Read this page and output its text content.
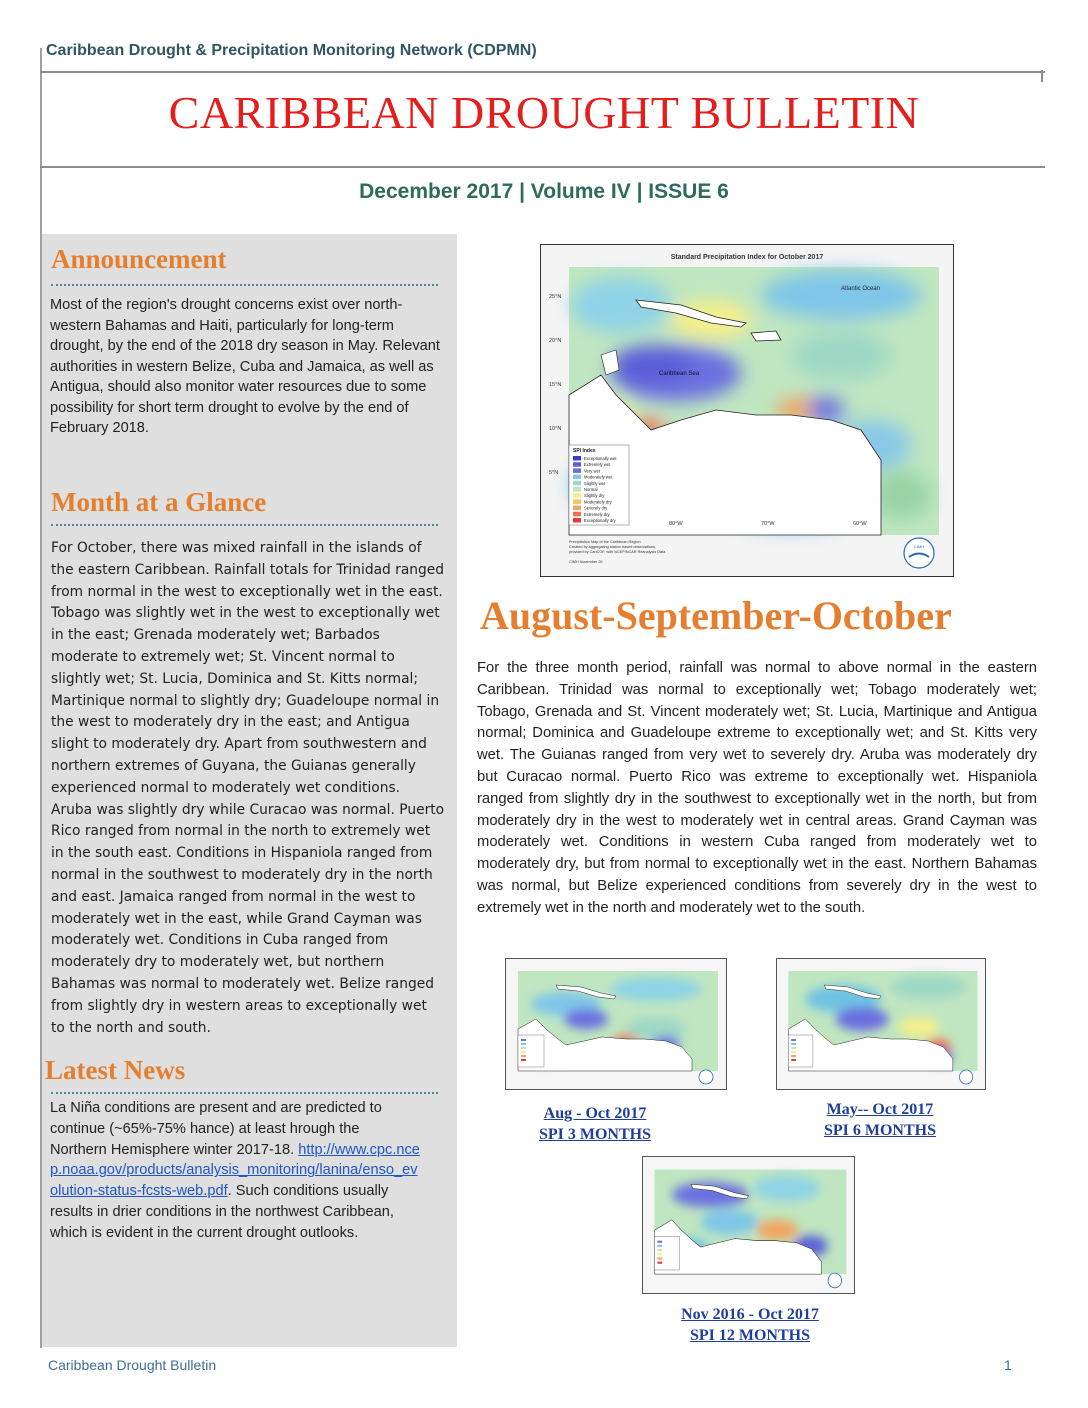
Caribbean Drought & Precipitation Monitoring Network (CDPMN)
CARIBBEAN DROUGHT BULLETIN
December 2017 | Volume IV | ISSUE 6
Announcement
Most of the region's drought concerns exist over north-western Bahamas and Haiti, particularly for long-term drought, by the end of the 2018 dry season in May. Relevant authorities in western Belize, Cuba and Jamaica, as well as Antigua, should also monitor water resources due to some possibility for short term drought to evolve by the end of February 2018.
Month at a Glance
For October, there was mixed rainfall in the islands of the eastern Caribbean. Rainfall totals for Trinidad ranged from normal in the west to exceptionally wet in the east. Tobago was slightly wet in the west to exceptionally wet in the east; Grenada moderately wet; Barbados moderate to extremely wet; St. Vincent normal to slightly wet; St. Lucia, Dominica and St. Kitts normal; Martinique normal to slightly dry; Guadeloupe normal in the west to moderately dry in the east; and Antigua slight to moderately dry. Apart from southwestern and northern extremes of Guyana, the Guianas generally experienced normal to moderately wet conditions. Aruba was slightly dry while Curacao was normal. Puerto Rico ranged from normal in the north to extremely wet in the south east. Conditions in Hispaniola ranged from normal in the southwest to moderately dry in the north and east. Jamaica ranged from normal in the west to moderately wet in the east, while Grand Cayman was moderately wet. Conditions in Cuba ranged from moderately dry to moderately wet, but northern Bahamas was normal to moderately wet. Belize ranged from slightly dry in western areas to exceptionally wet to the north and south.
Latest News
La Niña conditions are present and are predicted to continue (~65%-75% hance) at least hrough the Northern Hemisphere winter 2017-18. http://www.cpc.ncep.noaa.gov/products/analysis_monitoring/lanina/enso_evolution-status-fcsts-web.pdf. Such conditions usually results in drier conditions in the northwest Caribbean, which is evident in the current drought outlooks.
Standard Precipitation Index for October 2017
Atlantic Ocean
Caribbean Sea
25°N
20°N
15°N
10°N
5°N
80°W	70°W	60°W
SPI Index
Exceptionally wet
Extremely wet
Very wet
Moderately wet
Slightly wet
Normal
Slightly dry
Moderately dry
Severely dry
Extremely dry
Exceptionally dry
Precipitation Map of the Caribbean Region
Created by aggregating station based observations,
provided by CariCOF, with NCEP/NCAR Reanalysis Data.
CIMH November 20
CIMH
August-September-October
For the three month period, rainfall was normal to above normal in the eastern Caribbean. Trinidad was normal to exceptionally wet; Tobago moderately wet; Tobago, Grenada and St. Vincent moderately wet; St. Lucia, Martinique and Antigua normal; Dominica and Guadeloupe extreme to exceptionally wet; and St. Kitts very wet. The Guianas ranged from very wet to severely dry. Aruba was moderately dry but Curacao normal. Puerto Rico was extreme to exceptionally wet. Hispaniola ranged from slightly dry in the southwest to exceptionally wet in the north, but from moderately dry in the west to moderately wet in central areas. Grand Cayman was moderately wet. Conditions in western Cuba ranged from moderately wet to moderately dry, but from normal to exceptionally wet in the east. Northern Bahamas was normal, but Belize experienced conditions from severely dry in the west to extremely wet in the north and moderately wet to the south.
Aug - Oct 2017
SPI 3 MONTHS
May-- Oct 2017
SPI 6 MONTHS
Nov 2016 - Oct 2017
SPI 12 MONTHS
Caribbean Drought Bulletin	1
